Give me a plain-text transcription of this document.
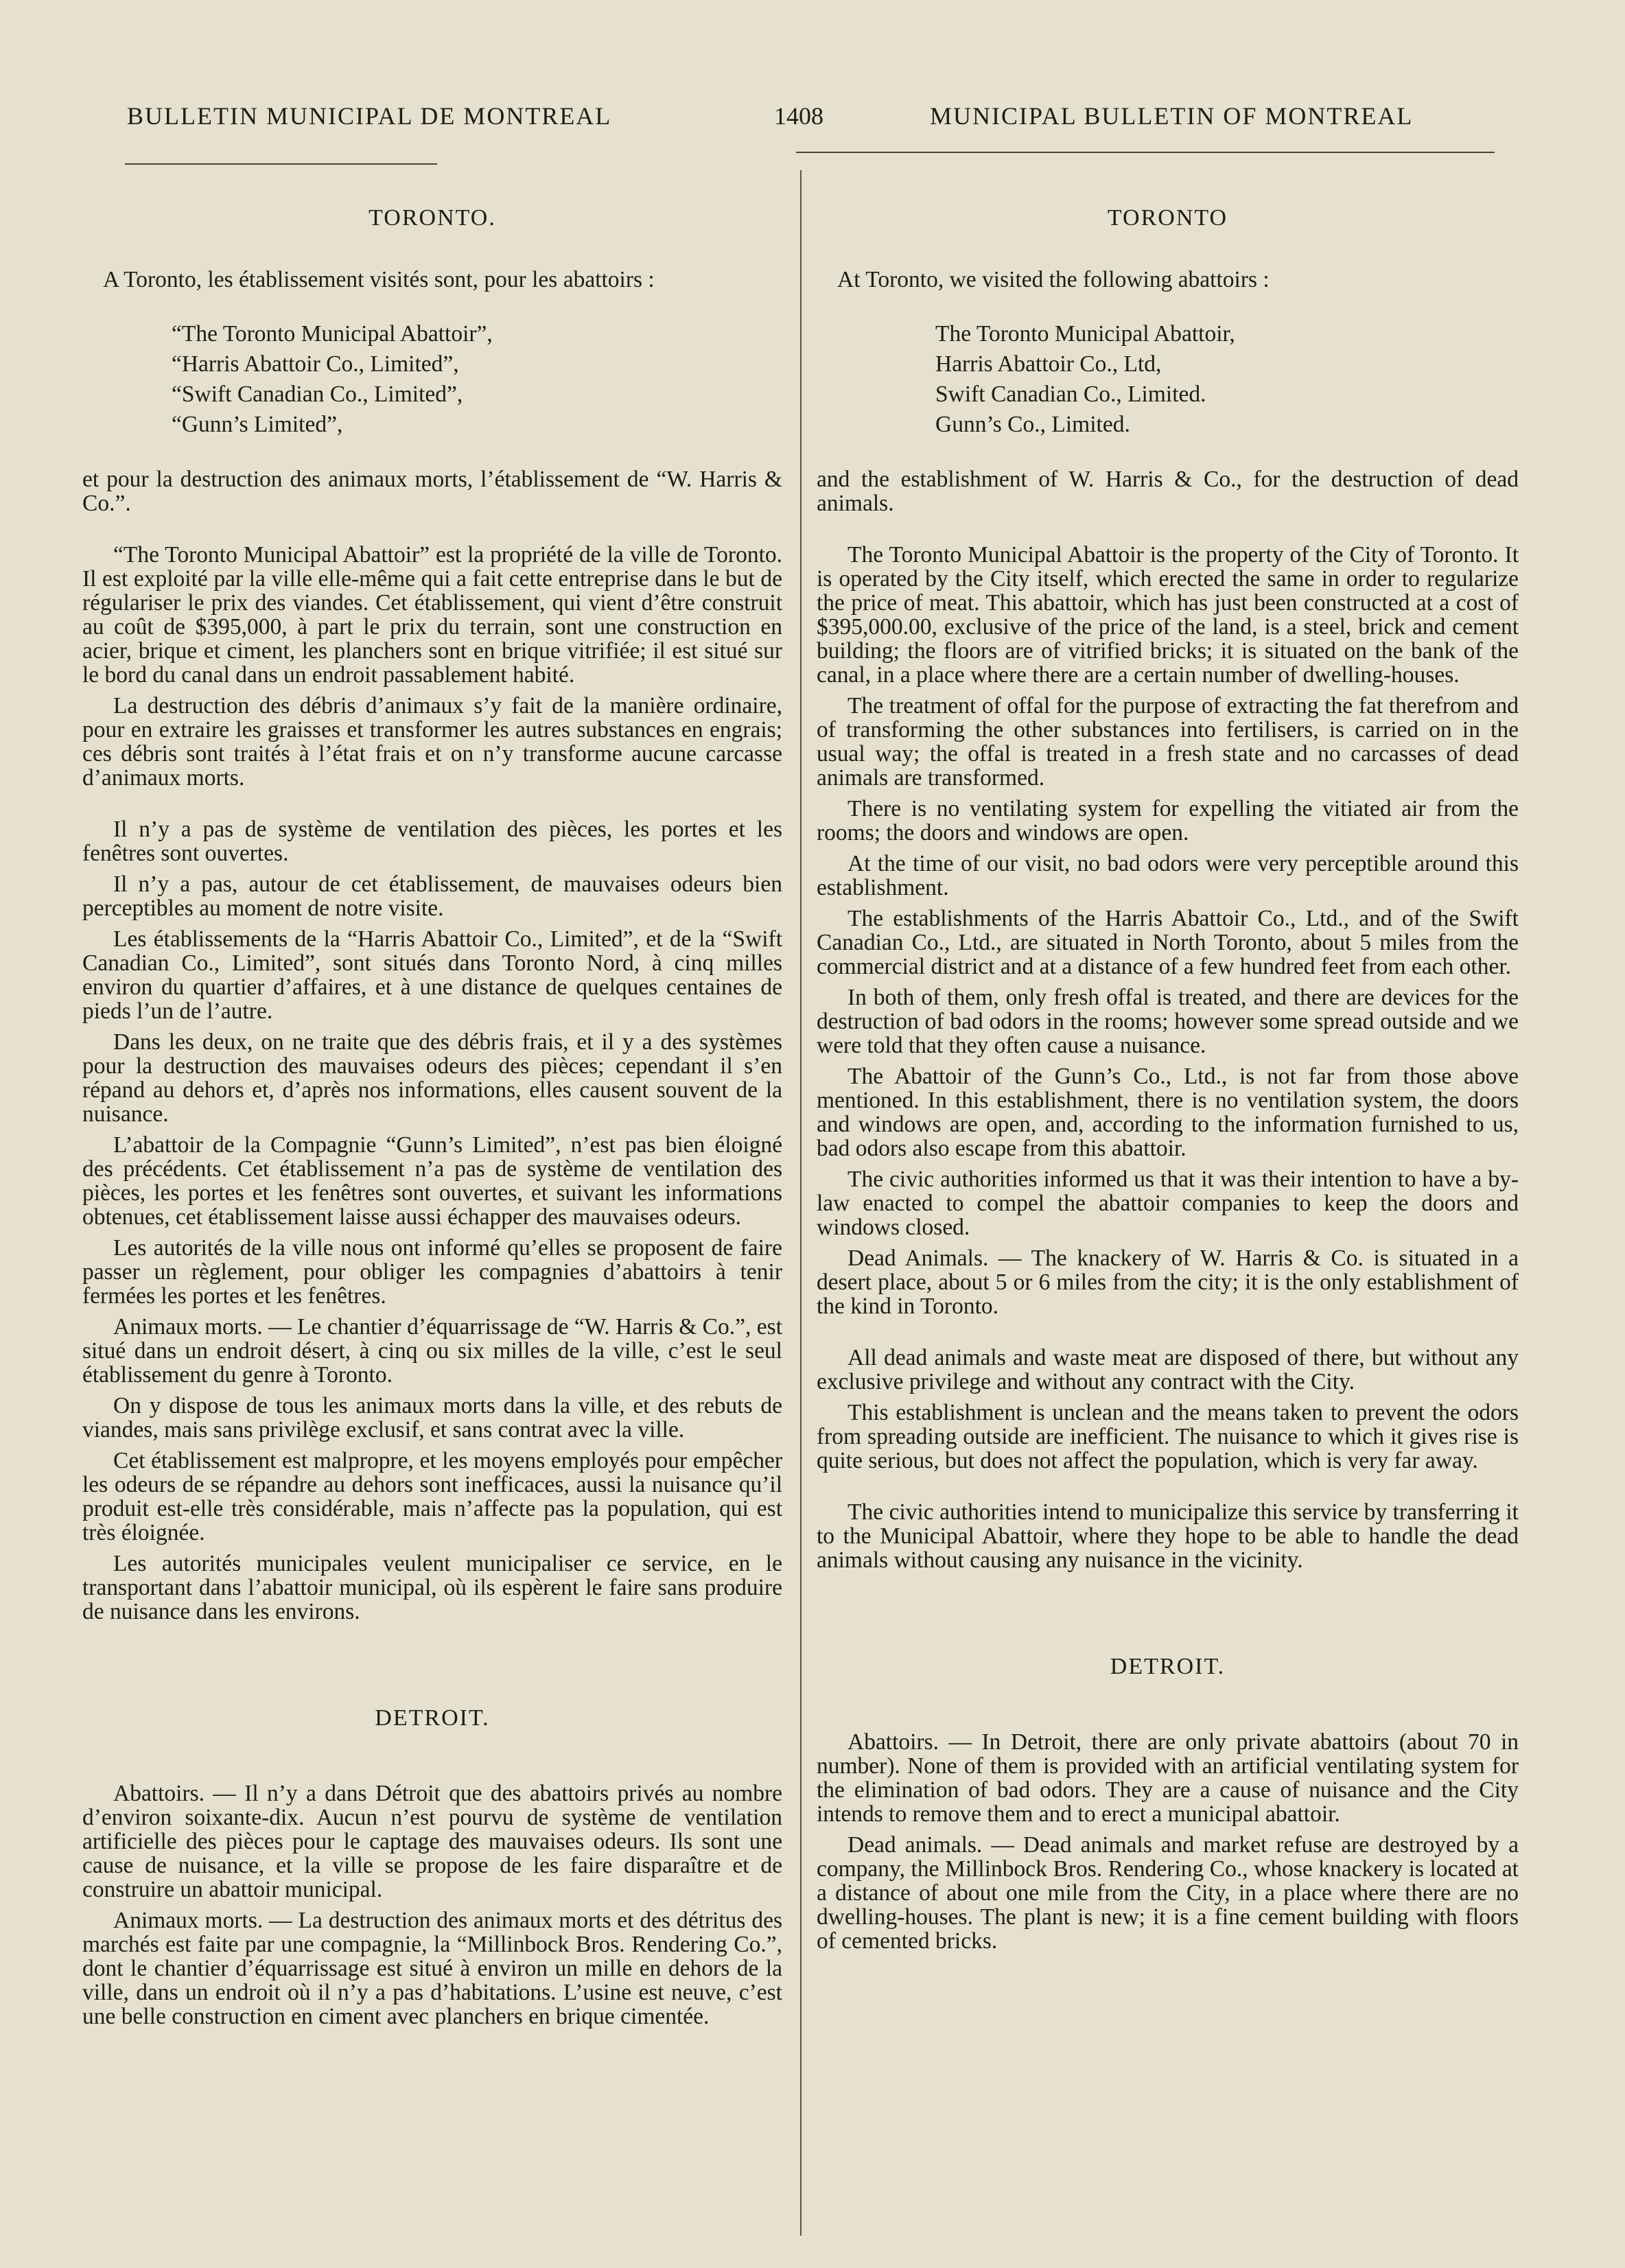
BULLETIN MUNICIPAL DE MONTREAL	1408	MUNICIPAL BULLETIN OF MONTREAL
TORONTO.

A Toronto, les établissement visités sont, pour les abattoirs :

“The Toronto Municipal Abattoir”,
“Harris Abattoir Co., Limited”,
“Swift Canadian Co., Limited”,
“Gunn’s Limited”,

et pour la destruction des animaux morts, l’établissement de “W. Harris & Co.”.

“The Toronto Municipal Abattoir” est la propriété de la ville de Toronto. Il est exploité par la ville elle-même qui a fait cette entreprise dans le but de régulariser le prix des viandes. Cet établissement, qui vient d’être construit au coût de $395,000, à part le prix du terrain, sont une construction en acier, brique et ciment, les planchers sont en brique vitrifiée; il est situé sur le bord du canal dans un endroit passablement habité.

La destruction des débris d’animaux s’y fait de la manière ordinaire, pour en extraire les graisses et transformer les autres substances en engrais; ces débris sont traités à l’état frais et on n’y transforme aucune carcasse d’animaux morts.

Il n’y a pas de système de ventilation des pièces, les portes et les fenêtres sont ouvertes.

Il n’y a pas, autour de cet établissement, de mauvaises odeurs bien perceptibles au moment de notre visite.

Les établissements de la “Harris Abattoir Co., Limited”, et de la “Swift Canadian Co., Limited”, sont situés dans Toronto Nord, à cinq milles environ du quartier d’affaires, et à une distance de quelques centaines de pieds l’un de l’autre.

Dans les deux, on ne traite que des débris frais, et il y a des systèmes pour la destruction des mauvaises odeurs des pièces; cependant il s’en répand au dehors et, d’après nos informations, elles causent souvent de la nuisance.

L’abattoir de la Compagnie “Gunn’s Limited”, n’est pas bien éloigné des précédents. Cet établissement n’a pas de système de ventilation des pièces, les portes et les fenêtres sont ouvertes, et suivant les informations obtenues, cet établissement laisse aussi échapper des mauvaises odeurs.

Les autorités de la ville nous ont informé qu’elles se proposent de faire passer un règlement, pour obliger les compagnies d’abattoirs à tenir fermées les portes et les fenêtres.

Animaux morts. — Le chantier d’équarrissage de “W. Harris & Co.”, est situé dans un endroit désert, à cinq ou six milles de la ville, c’est le seul établissement du genre à Toronto.

On y dispose de tous les animaux morts dans la ville, et des rebuts de viandes, mais sans privilège exclusif, et sans contrat avec la ville.

Cet établissement est malpropre, et les moyens employés pour empêcher les odeurs de se répandre au dehors sont inefficaces, aussi la nuisance qu’il produit est-elle très considérable, mais n’affecte pas la population, qui est très éloignée.

Les autorités municipales veulent municipaliser ce service, en le transportant dans l’abattoir municipal, où ils espèrent le faire sans produire de nuisance dans les environs.

DETROIT.

Abattoirs. — Il n’y a dans Détroit que des abattoirs privés au nombre d’environ soixante-dix. Aucun n’est pourvu de système de ventilation artificielle des pièces pour le captage des mauvaises odeurs. Ils sont une cause de nuisance, et la ville se propose de les faire disparaître et de construire un abattoir municipal.

Animaux morts. — La destruction des animaux morts et des détritus des marchés est faite par une compagnie, la “Millinbock Bros. Rendering Co.”, dont le chantier d’équarrissage est situé à environ un mille en dehors de la ville, dans un endroit où il n’y a pas d’habitations. L’usine est neuve, c’est une belle construction en ciment avec planchers en brique cimentée.

TORONTO

At Toronto, we visited the following abattoirs :

The Toronto Municipal Abattoir,
Harris Abattoir Co., Ltd,
Swift Canadian Co., Limited.
Gunn’s Co., Limited.

and the establishment of W. Harris & Co., for the destruction of dead animals.

The Toronto Municipal Abattoir is the property of the City of Toronto. It is operated by the City itself, which erected the same in order to regularize the price of meat. This abattoir, which has just been constructed at a cost of $395,000.00, exclusive of the price of the land, is a steel, brick and cement building; the floors are of vitrified bricks; it is situated on the bank of the canal, in a place where there are a certain number of dwelling-houses.

The treatment of offal for the purpose of extracting the fat therefrom and of transforming the other substances into fertilisers, is carried on in the usual way; the offal is treated in a fresh state and no carcasses of dead animals are transformed.

There is no ventilating system for expelling the vitiated air from the rooms; the doors and windows are open.

At the time of our visit, no bad odors were very perceptible around this establishment.

The establishments of the Harris Abattoir Co., Ltd., and of the Swift Canadian Co., Ltd., are situated in North Toronto, about 5 miles from the commercial district and at a distance of a few hundred feet from each other.

In both of them, only fresh offal is treated, and there are devices for the destruction of bad odors in the rooms; however some spread outside and we were told that they often cause a nuisance.

The Abattoir of the Gunn’s Co., Ltd., is not far from those above mentioned. In this establishment, there is no ventilation system, the doors and windows are open, and, according to the information furnished to us, bad odors also escape from this abattoir.

The civic authorities informed us that it was their intention to have a by-law enacted to compel the abattoir companies to keep the doors and windows closed.

Dead Animals. — The knackery of W. Harris & Co. is situated in a desert place, about 5 or 6 miles from the city; it is the only establishment of the kind in Toronto.

All dead animals and waste meat are disposed of there, but without any exclusive privilege and without any contract with the City.

This establishment is unclean and the means taken to prevent the odors from spreading outside are inefficient. The nuisance to which it gives rise is quite serious, but does not affect the population, which is very far away.

The civic authorities intend to municipalize this service by transferring it to the Municipal Abattoir, where they hope to be able to handle the dead animals without causing any nuisance in the vicinity.

DETROIT.

Abattoirs. — In Detroit, there are only private abattoirs (about 70 in number). None of them is provided with an artificial ventilating system for the elimination of bad odors. They are a cause of nuisance and the City intends to remove them and to erect a municipal abattoir.

Dead animals. — Dead animals and market refuse are destroyed by a company, the Millinbock Bros. Rendering Co., whose knackery is located at a distance of about one mile from the City, in a place where there are no dwelling-houses. The plant is new; it is a fine cement building with floors of cemented bricks.
